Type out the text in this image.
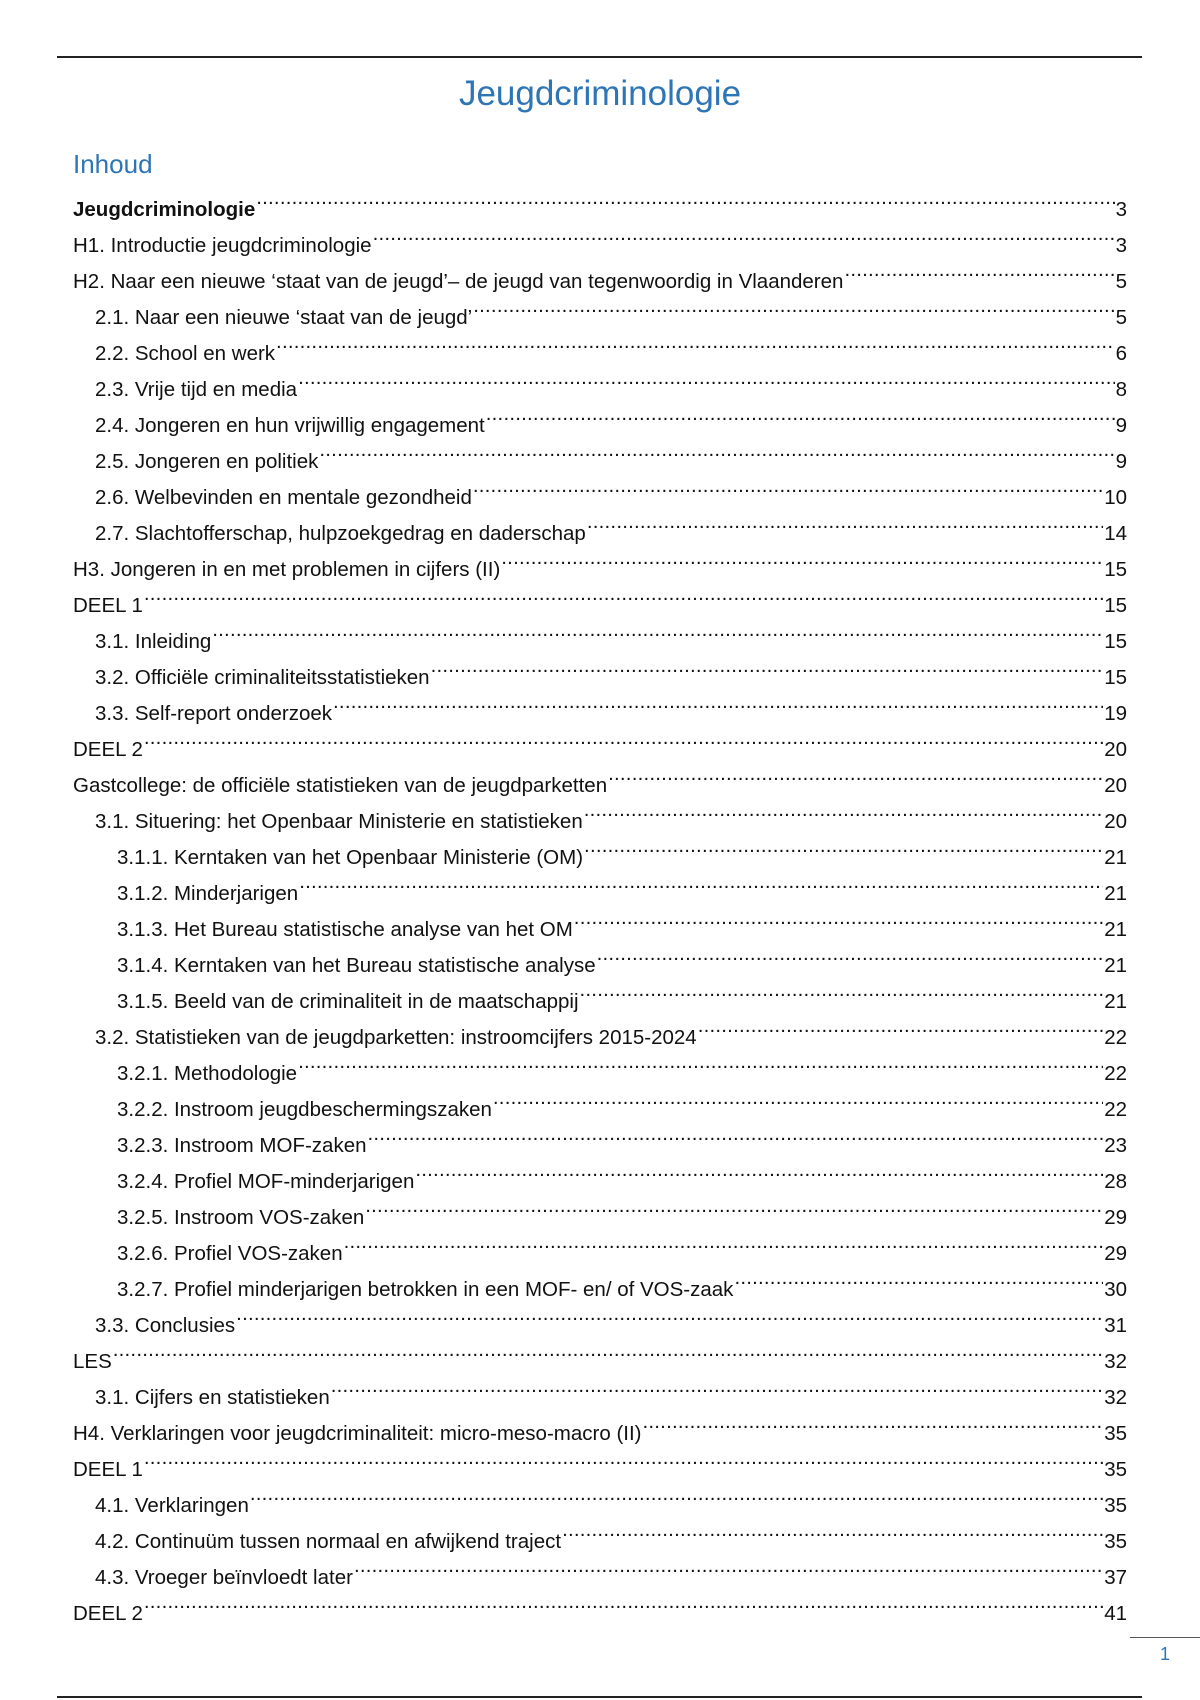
Jeugdcriminologie
Inhoud
Jeugdcriminologie .....	3
H1. Introductie jeugdcriminologie .....	3
H2. Naar een nieuwe ‘staat van de jeugd’– de jeugd van tegenwoordig in Vlaanderen .....	5
2.1. Naar een nieuwe ‘staat van de jeugd’ .....	5
2.2. School en werk .....	6
2.3. Vrije tijd en media .....	8
2.4. Jongeren en hun vrijwillig engagement .....	9
2.5. Jongeren en politiek .....	9
2.6. Welbevinden en mentale gezondheid .....	10
2.7. Slachtofferschap, hulpzoekgedrag en daderschap .....	14
H3. Jongeren in en met problemen in cijfers (II) .....	15
DEEL 1 .....	15
3.1. Inleiding .....	15
3.2. Officiële criminaliteitsstatistieken .....	15
3.3. Self-report onderzoek .....	19
DEEL 2 .....	20
Gastcollege: de officiële statistieken van de jeugdparketten .....	20
3.1. Situering: het Openbaar Ministerie en statistieken .....	20
3.1.1. Kerntaken van het Openbaar Ministerie (OM) .....	21
3.1.2. Minderjarigen .....	21
3.1.3. Het Bureau statistische analyse van het OM .....	21
3.1.4. Kerntaken van het Bureau statistische analyse .....	21
3.1.5. Beeld van de criminaliteit in de maatschappij .....	21
3.2. Statistieken van de jeugdparketten: instroomcijfers 2015-2024 .....	22
3.2.1. Methodologie .....	22
3.2.2. Instroom jeugdbeschermingszaken .....	22
3.2.3. Instroom MOF-zaken .....	23
3.2.4. Profiel MOF-minderjarigen .....	28
3.2.5. Instroom VOS-zaken .....	29
3.2.6. Profiel VOS-zaken .....	29
3.2.7. Profiel minderjarigen betrokken in een MOF- en/ of VOS-zaak .....	30
3.3. Conclusies .....	31
LES .....	32
3.1. Cijfers en statistieken .....	32
H4. Verklaringen voor jeugdcriminaliteit: micro-meso-macro (II) .....	35
DEEL 1 .....	35
4.1. Verklaringen .....	35
4.2. Continuüm tussen normaal en afwijkend traject .....	35
4.3. Vroeger beïnvloedt later .....	37
DEEL 2 .....	41
1
